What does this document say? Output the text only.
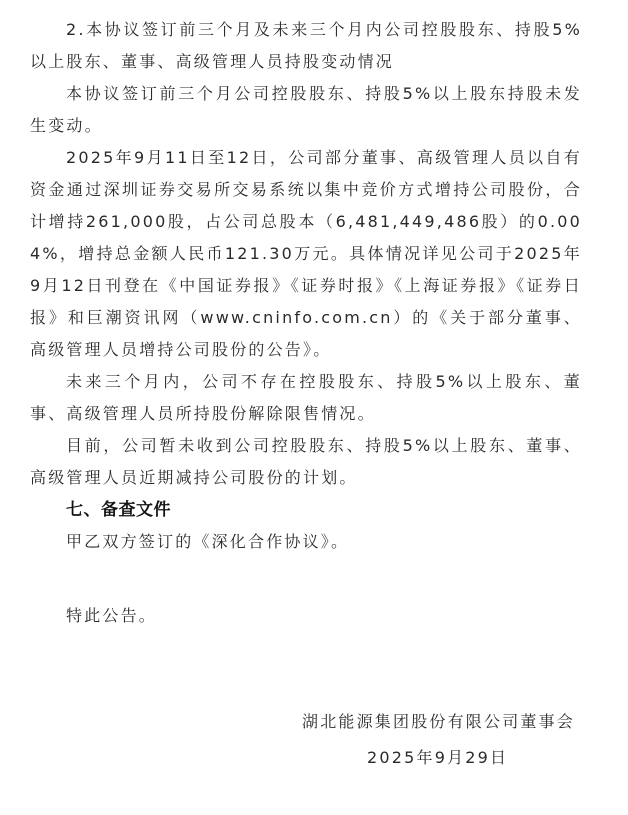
2.本协议签订前三个月及未来三个月内公司控股股东、持股5%以上股东、董事、高级管理人员持股变动情况

本协议签订前三个月公司控股股东、持股5%以上股东持股未发生变动。

2025年9月11日至12日，公司部分董事、高级管理人员以自有资金通过深圳证券交易所交易系统以集中竞价方式增持公司股份，合计增持261,000股，占公司总股本（6,481,449,486股）的0.004%，增持总金额人民币121.30万元。具体情况详见公司于2025年9月12日刊登在《中国证券报》《证券时报》《上海证券报》《证券日报》和巨潮资讯网（www.cninfo.com.cn）的《关于部分董事、高级管理人员增持公司股份的公告》。

未来三个月内，公司不存在控股股东、持股5%以上股东、董事、高级管理人员所持股份解除限售情况。

目前，公司暂未收到公司控股股东、持股5%以上股东、董事、高级管理人员近期减持公司股份的计划。

七、备查文件

甲乙双方签订的《深化合作协议》。

特此公告。

湖北能源集团股份有限公司董事会
2025年9月29日
